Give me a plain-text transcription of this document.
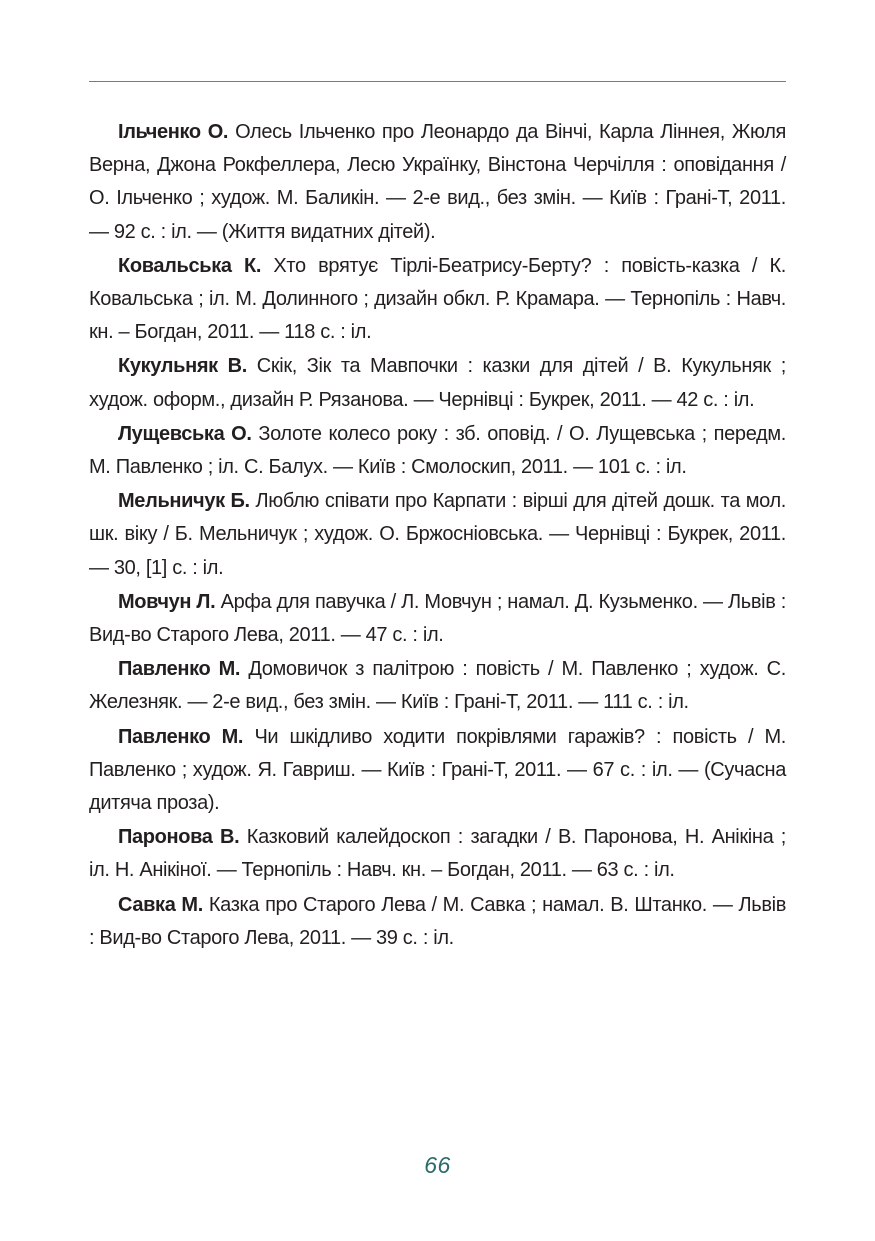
Ільченко О. Олесь Ільченко про Леонардо да Вінчі, Карла Ліннея, Жюля Верна, Джона Рокфеллера, Лесю Українку, Вінстона Черчілля : оповідання / О. Ільченко ; худож. М. Баликін. — 2-е вид., без змін. — Київ : Грані-Т, 2011. — 92 с. : іл. — (Життя видатних дітей).

Ковальська К. Хто врятує Тірлі-Беатрису-Берту? : повість-казка / К. Ковальська ; іл. М. Долинного ; дизайн обкл. Р. Крамара. — Тернопіль : Навч. кн. – Богдан, 2011. — 118 с. : іл.

Кукульняк В. Скік, Зік та Мавпочки : казки для дітей / В. Кукульняк ; худож. оформ., дизайн Р. Рязанова. — Чернівці : Букрек, 2011. — 42 с. : іл.

Лущевська О. Золоте колесо року : зб. оповід. / О. Лущевська ; передм. М. Павленко ; іл. С. Балух. — Київ : Смолоскип, 2011. — 101 с. : іл.

Мельничук Б. Люблю співати про Карпати : вірші для дітей дошк. та мол. шк. віку / Б. Мельничук ; худож. О. Бржосніовська. — Чернівці : Букрек, 2011. — 30, [1] с. : іл.

Мовчун Л. Арфа для павучка / Л. Мовчун ; намал. Д. Кузьменко. — Львів : Вид-во Старого Лева, 2011. — 47 с. : іл.

Павленко М. Домовичок з палітрою : повість / М. Павленко ; худож. С. Железняк. — 2-е вид., без змін. — Київ : Грані-Т, 2011. — 111 с. : іл.

Павленко М. Чи шкідливо ходити покрівлями гаражів? : повість / М. Павленко ; худож. Я. Гавриш. — Київ : Грані-Т, 2011. — 67 с. : іл. — (Сучасна дитяча проза).

Паронова В. Казковий калейдоскоп : загадки / В. Паронова, Н. Анікіна ; іл. Н. Анікіної. — Тернопіль : Навч. кн. – Богдан, 2011. — 63 с. : іл.

Савка М. Казка про Старого Лева / М. Савка ; намал. В. Штанко. — Львів : Вид-во Старого Лева, 2011. — 39 с. : іл.

66
